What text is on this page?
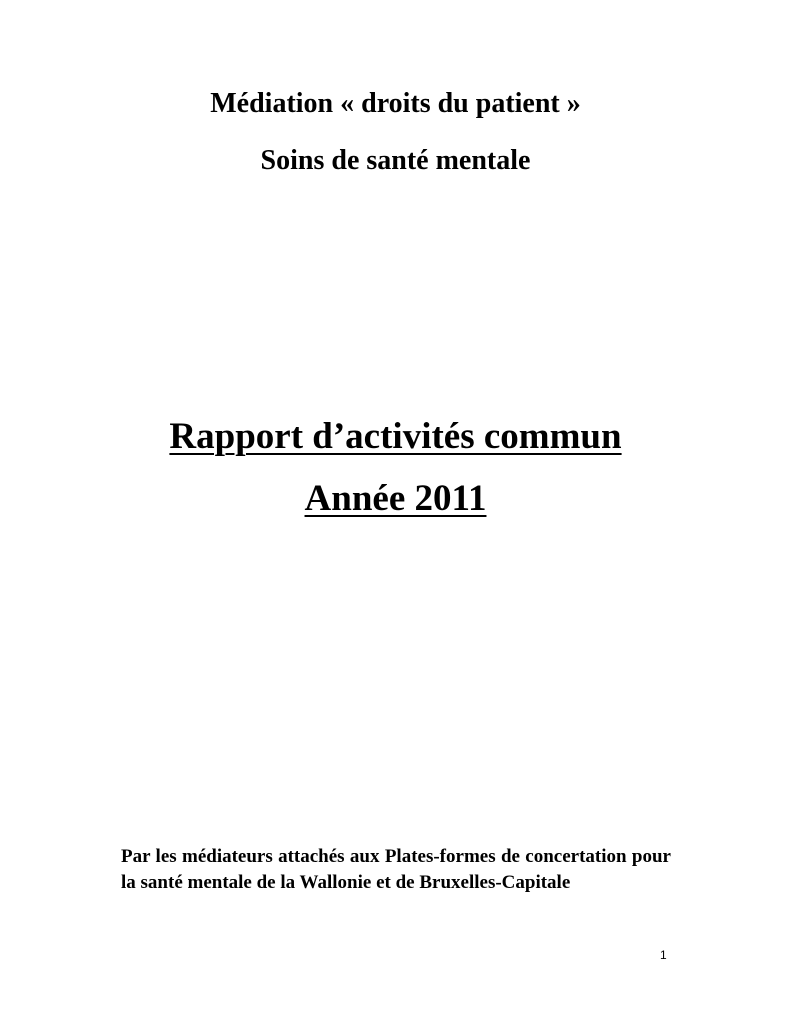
Médiation « droits du patient »
Soins de santé mentale
Rapport d’activités commun
Année 2011
Par les médiateurs attachés aux Plates-formes de concertation pour la santé mentale de la Wallonie et de Bruxelles-Capitale
1
